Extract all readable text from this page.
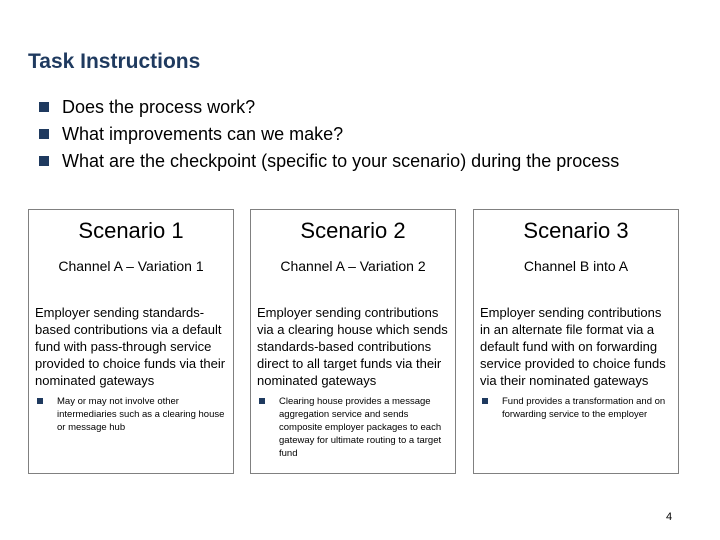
Task Instructions
Does the process work?
What improvements can we make?
What are the checkpoint (specific to your scenario) during the process
Scenario 1
Channel A – Variation 1
Employer sending standards-based contributions via a default fund with pass-through service provided to choice funds via their nominated gateways
May or may not involve other intermediaries such as a clearing house or message hub
Scenario 2
Channel A – Variation 2
Employer sending contributions via a clearing house which sends standards-based contributions direct to all target funds via their nominated gateways
Clearing house provides a message aggregation service and sends composite employer packages to each gateway for ultimate routing to a target fund
Scenario 3
Channel B into A
Employer sending contributions in an alternate file format via a default fund with on forwarding service provided to choice funds via their nominated gateways
Fund provides a transformation and on forwarding service to the employer
4
